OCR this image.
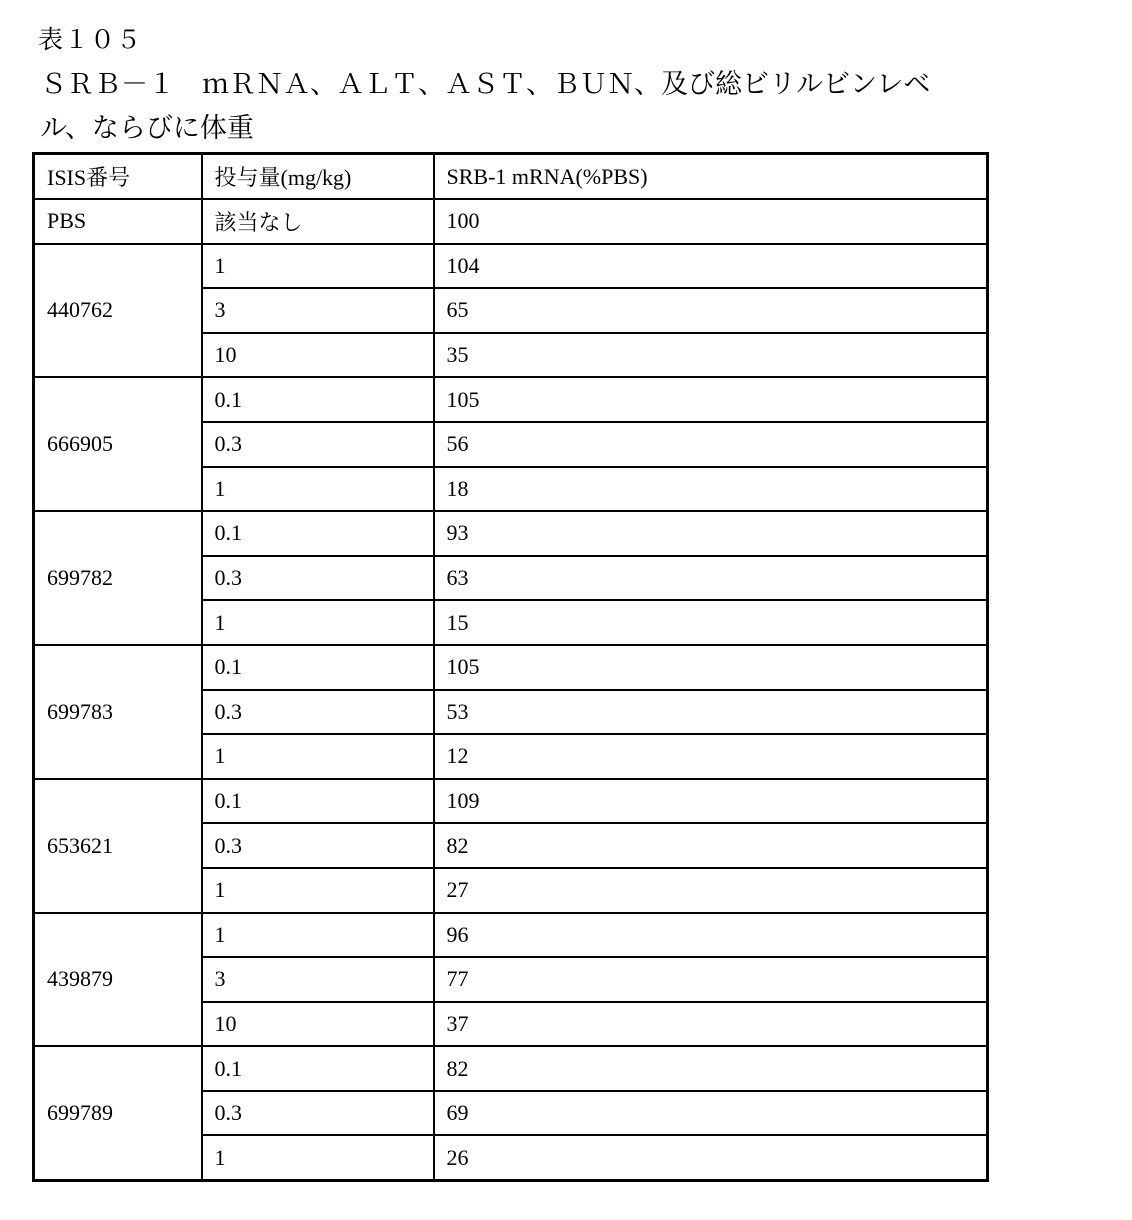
表１０５
ＳＲＢ－１　ｍＲＮＡ、ＡＬＴ、ＡＳＴ、ＢＵＮ、及び総ビリルビンレベ
ル、ならびに体重
ISIS番号	投与量(mg/kg)	SRB-1 mRNA(%PBS)
PBS	該当なし	100
440762	1	104
	3	65
	10	35
666905	0.1	105
	0.3	56
	1	18
699782	0.1	93
	0.3	63
	1	15
699783	0.1	105
	0.3	53
	1	12
653621	0.1	109
	0.3	82
	1	27
439879	1	96
	3	77
	10	37
699789	0.1	82
	0.3	69
	1	26
